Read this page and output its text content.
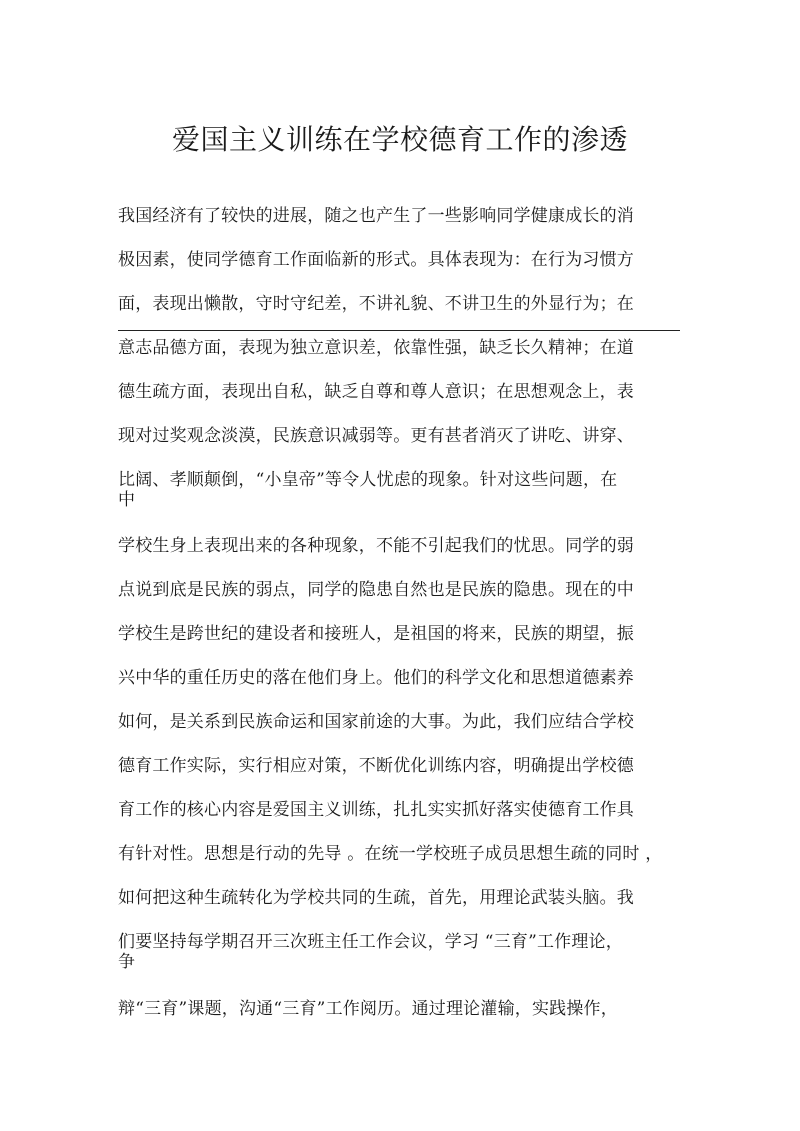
爱国主义训练在学校德育工作的渗透
我国经济有了较快的进展，随之也产生了一些影响同学健康成长的消
极因素，使同学德育工作面临新的形式。具体表现为：在行为习惯方
面，表现出懒散，守时守纪差，不讲礼貌、不讲卫生的外显行为；在
意志品德方面，表现为独立意识差，依靠性强，缺乏长久精神；在道
德生疏方面，表现出自私，缺乏自尊和尊人意识；在思想观念上，表
现对过奖观念淡漠，民族意识减弱等。更有甚者消灭了讲吃、讲穿、
比阔、孝顺颠倒，“小皇帝”等令人忧虑的现象。针对这些问题，在
中
学校生身上表现出来的各种现象，不能不引起我们的忧思。同学的弱
点说到底是民族的弱点，同学的隐患自然也是民族的隐患。现在的中
学校生是跨世纪的建设者和接班人，是祖国的将来，民族的期望，振
兴中华的重任历史的落在他们身上。他们的科学文化和思想道德素养
如何，是关系到民族命运和国家前途的大事。为此，我们应结合学校
德育工作实际，实行相应对策，不断优化训练内容，明确提出学校德
育工作的核心内容是爱国主义训练，扎扎实实抓好落实使德育工作具
有针对性。思想是行动的先导 。在统一学校班子成员思想生疏的同时 ，
如何把这种生疏转化为学校共同的生疏，首先，用理论武装头脑。我
们要坚持每学期召开三次班主任工作会议，学习 “三育”工作理论，
争
辩“三育”课题，沟通“三育”工作阅历。通过理论灌输，实践操作，
